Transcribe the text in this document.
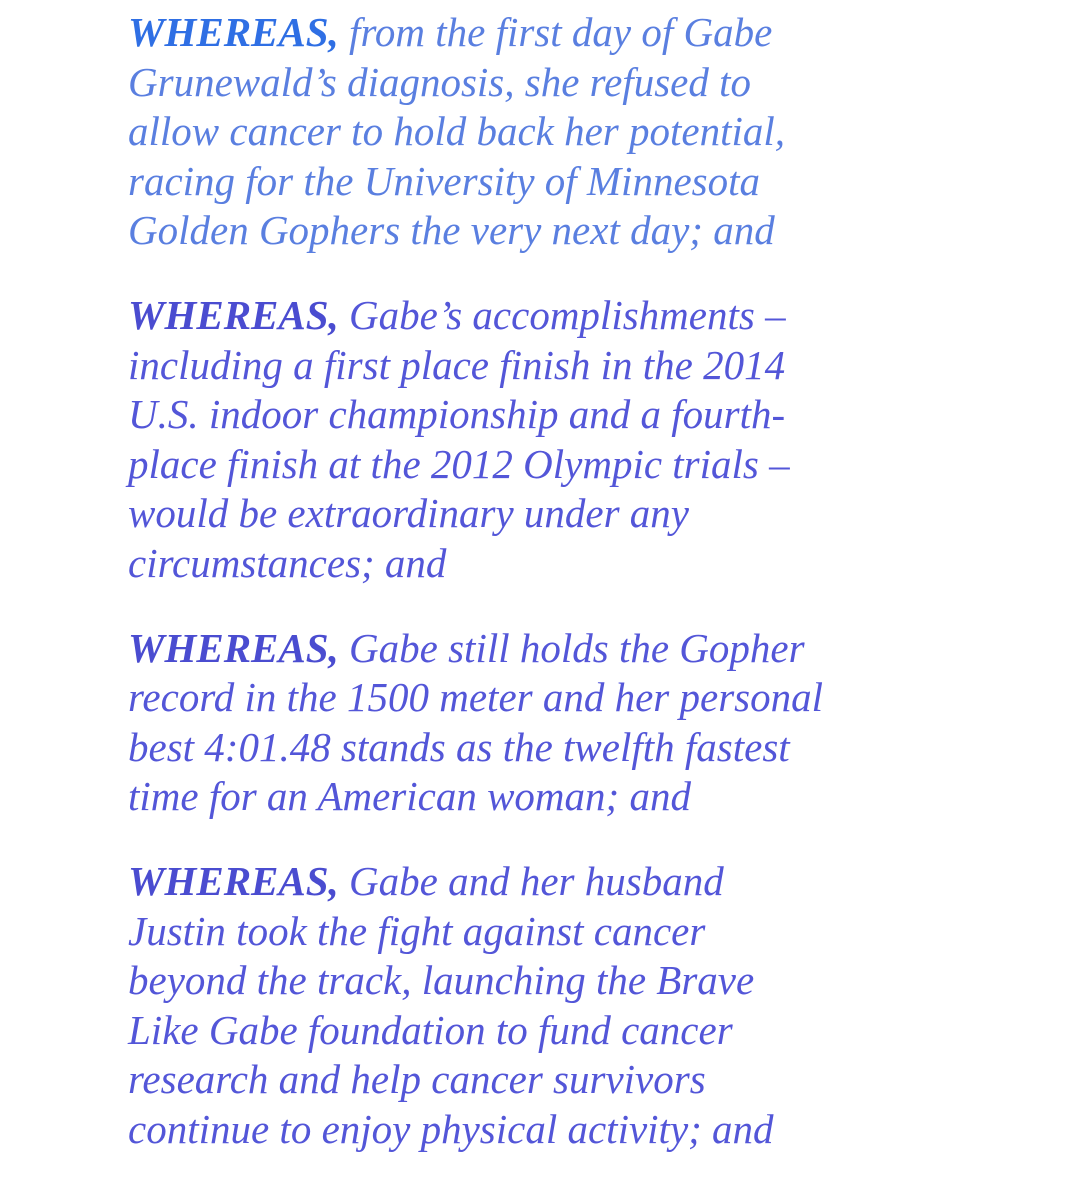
WHEREAS, from the first day of Gabe
Grunewald’s diagnosis, she refused to
allow cancer to hold back her potential,
racing for the University of Minnesota
Golden Gophers the very next day; and
WHEREAS, Gabe’s accomplishments –
including a first place finish in the 2014
U.S. indoor championship and a fourth-
place finish at the 2012 Olympic trials –
would be extraordinary under any
circumstances; and
WHEREAS, Gabe still holds the Gopher
record in the 1500 meter and her personal
best 4:01.48 stands as the twelfth fastest
time for an American woman; and
WHEREAS, Gabe and her husband
Justin took the fight against cancer
beyond the track, launching the Brave
Like Gabe foundation to fund cancer
research and help cancer survivors
continue to enjoy physical activity; and
